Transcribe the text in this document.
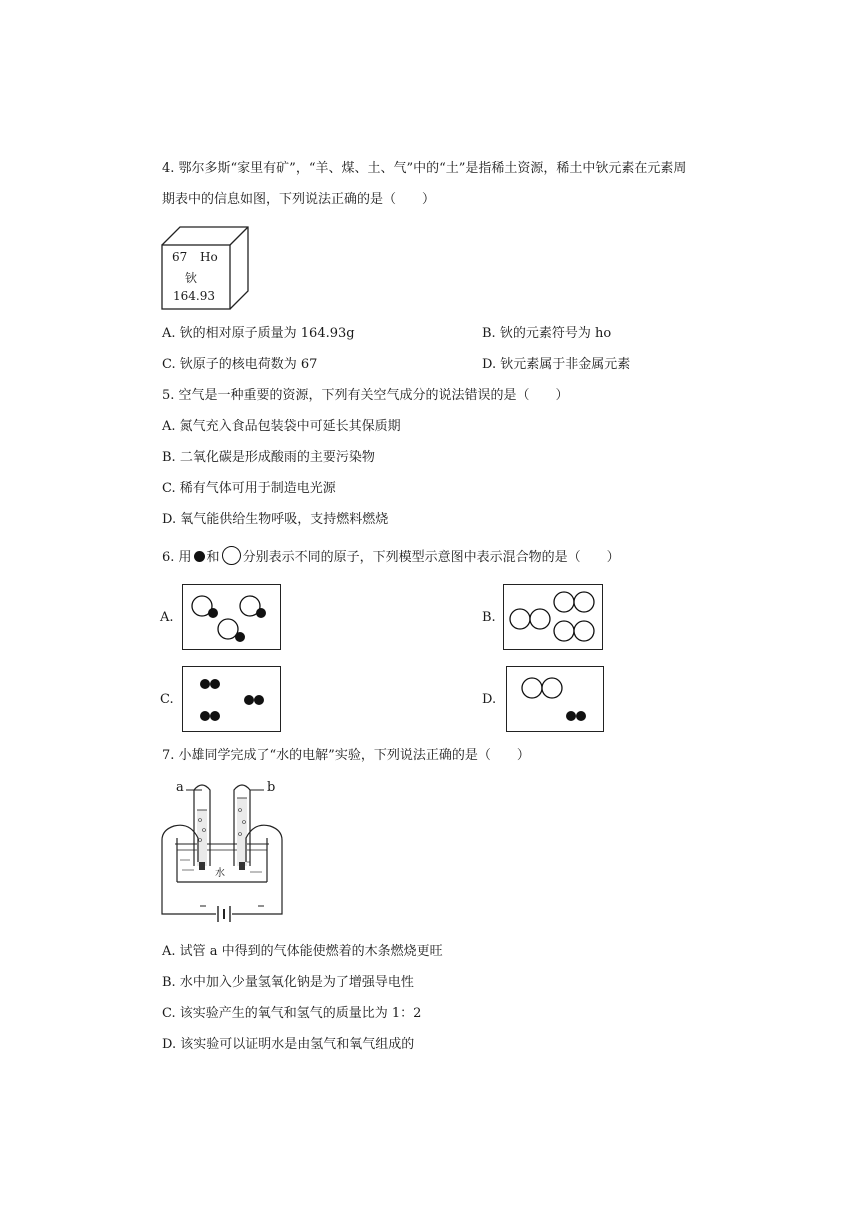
4. 鄂尔多斯“家里有矿”，“羊、煤、土、气”中的“土”是指稀土资源，稀土中钬元素在元素周
期表中的信息如图，下列说法正确的是（　　）
67 Ho
钬
164.93
A. 钬的相对原子质量为 164.93g	B. 钬的元素符号为 ho
C. 钬原子的核电荷数为 67	D. 钬元素属于非金属元素
5. 空气是一种重要的资源，下列有关空气成分的说法错误的是（　　）
A. 氮气充入食品包装袋中可延长其保质期
B. 二氧化碳是形成酸雨的主要污染物
C. 稀有气体可用于制造电光源
D. 氧气能供给生物呼吸，支持燃料燃烧
6. 用 和 分别表示不同的原子，下列模型示意图中表示混合物的是（　　）
A.	B.
C.	D.
7. 小雄同学完成了“水的电解”实验，下列说法正确的是（　　）
a	b
水
A. 试管 a 中得到的气体能使燃着的木条燃烧更旺
B. 水中加入少量氢氧化钠是为了增强导电性
C. 该实验产生的氧气和氢气的质量比为 1：2
D. 该实验可以证明水是由氢气和氧气组成的
